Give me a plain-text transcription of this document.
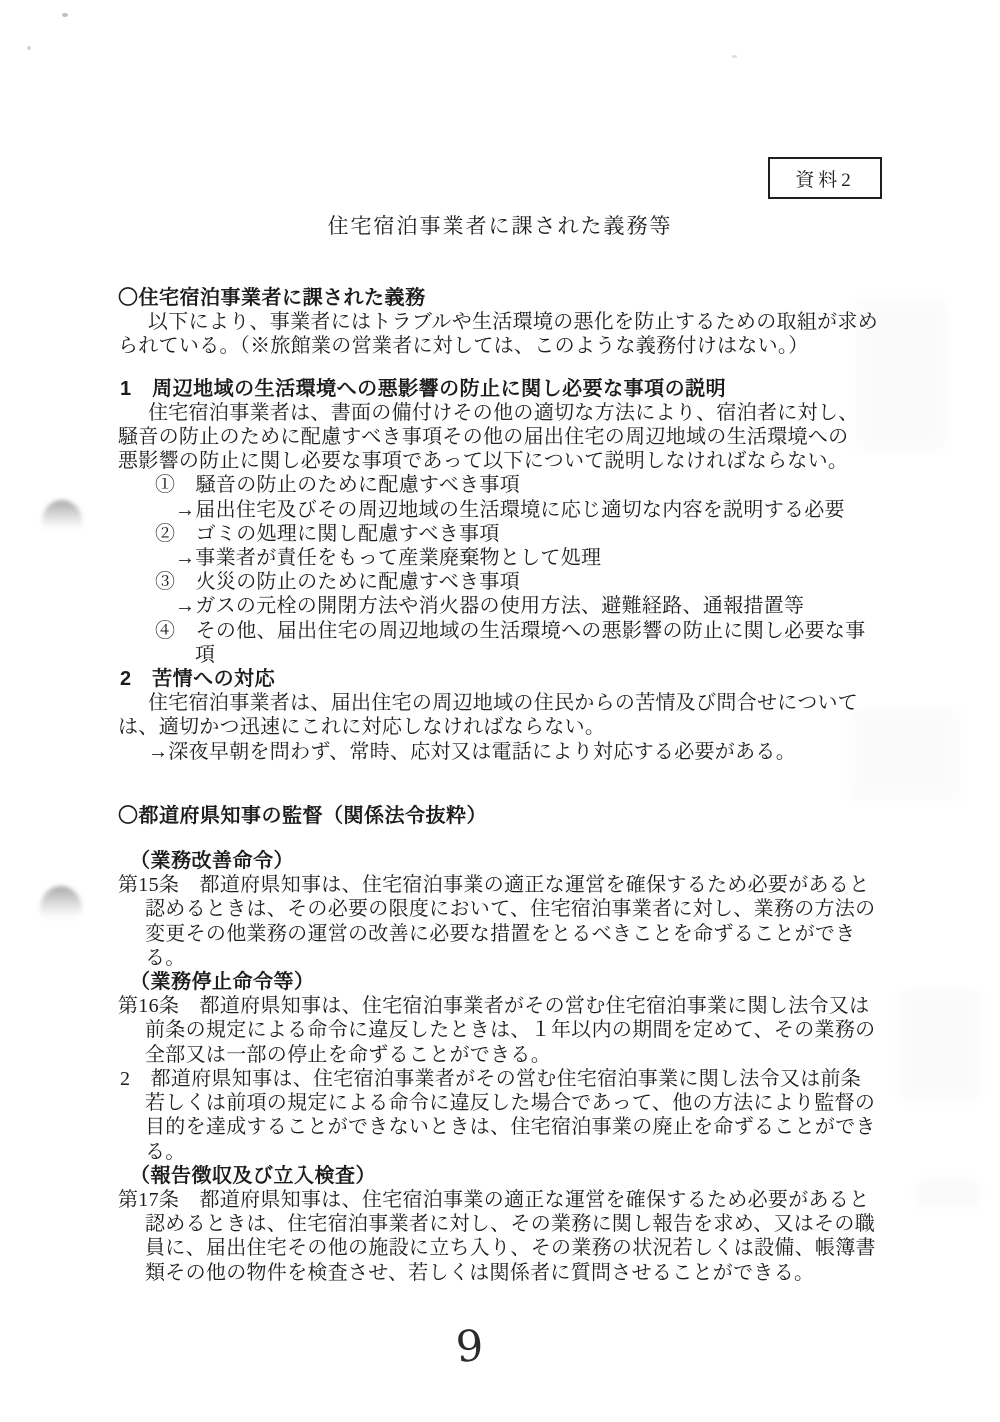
資料2
住宅宿泊事業者に課された義務等
〇住宅宿泊事業者に課された義務
以下により、事業者にはトラブルや生活環境の悪化を防止するための取組が求め
られている。（※旅館業の営業者に対しては、このような義務付けはない。）
1　周辺地域の生活環境への悪影響の防止に関し必要な事項の説明
住宅宿泊事業者は、書面の備付けその他の適切な方法により、宿泊者に対し、
騒音の防止のために配慮すべき事項その他の届出住宅の周辺地域の生活環境への
悪影響の防止に関し必要な事項であって以下について説明しなければならない。
①　騒音の防止のために配慮すべき事項
→届出住宅及びその周辺地域の生活環境に応じ適切な内容を説明する必要
②　ゴミの処理に関し配慮すべき事項
→事業者が責任をもって産業廃棄物として処理
③　火災の防止のために配慮すべき事項
→ガスの元栓の開閉方法や消火器の使用方法、避難経路、通報措置等
④　その他、届出住宅の周辺地域の生活環境への悪影響の防止に関し必要な事
項
2　苦情への対応
住宅宿泊事業者は、届出住宅の周辺地域の住民からの苦情及び問合せについて
は、適切かつ迅速にこれに対応しなければならない。
→深夜早朝を問わず、常時、応対又は電話により対応する必要がある。
〇都道府県知事の監督（関係法令抜粋）
（業務改善命令）
第15条　都道府県知事は、住宅宿泊事業の適正な運営を確保するため必要があると
認めるときは、その必要の限度において、住宅宿泊事業者に対し、業務の方法の
変更その他業務の運営の改善に必要な措置をとるべきことを命ずることができ
る。
（業務停止命令等）
第16条　都道府県知事は、住宅宿泊事業者がその営む住宅宿泊事業に関し法令又は
前条の規定による命令に違反したときは、１年以内の期間を定めて、その業務の
全部又は一部の停止を命ずることができる。
2　都道府県知事は、住宅宿泊事業者がその営む住宅宿泊事業に関し法令又は前条
若しくは前項の規定による命令に違反した場合であって、他の方法により監督の
目的を達成することができないときは、住宅宿泊事業の廃止を命ずることができ
る。
（報告徴収及び立入検査）
第17条　都道府県知事は、住宅宿泊事業の適正な運営を確保するため必要があると
認めるときは、住宅宿泊事業者に対し、その業務に関し報告を求め、又はその職
員に、届出住宅その他の施設に立ち入り、その業務の状況若しくは設備、帳簿書
類その他の物件を検査させ、若しくは関係者に質問させることができる。
9
